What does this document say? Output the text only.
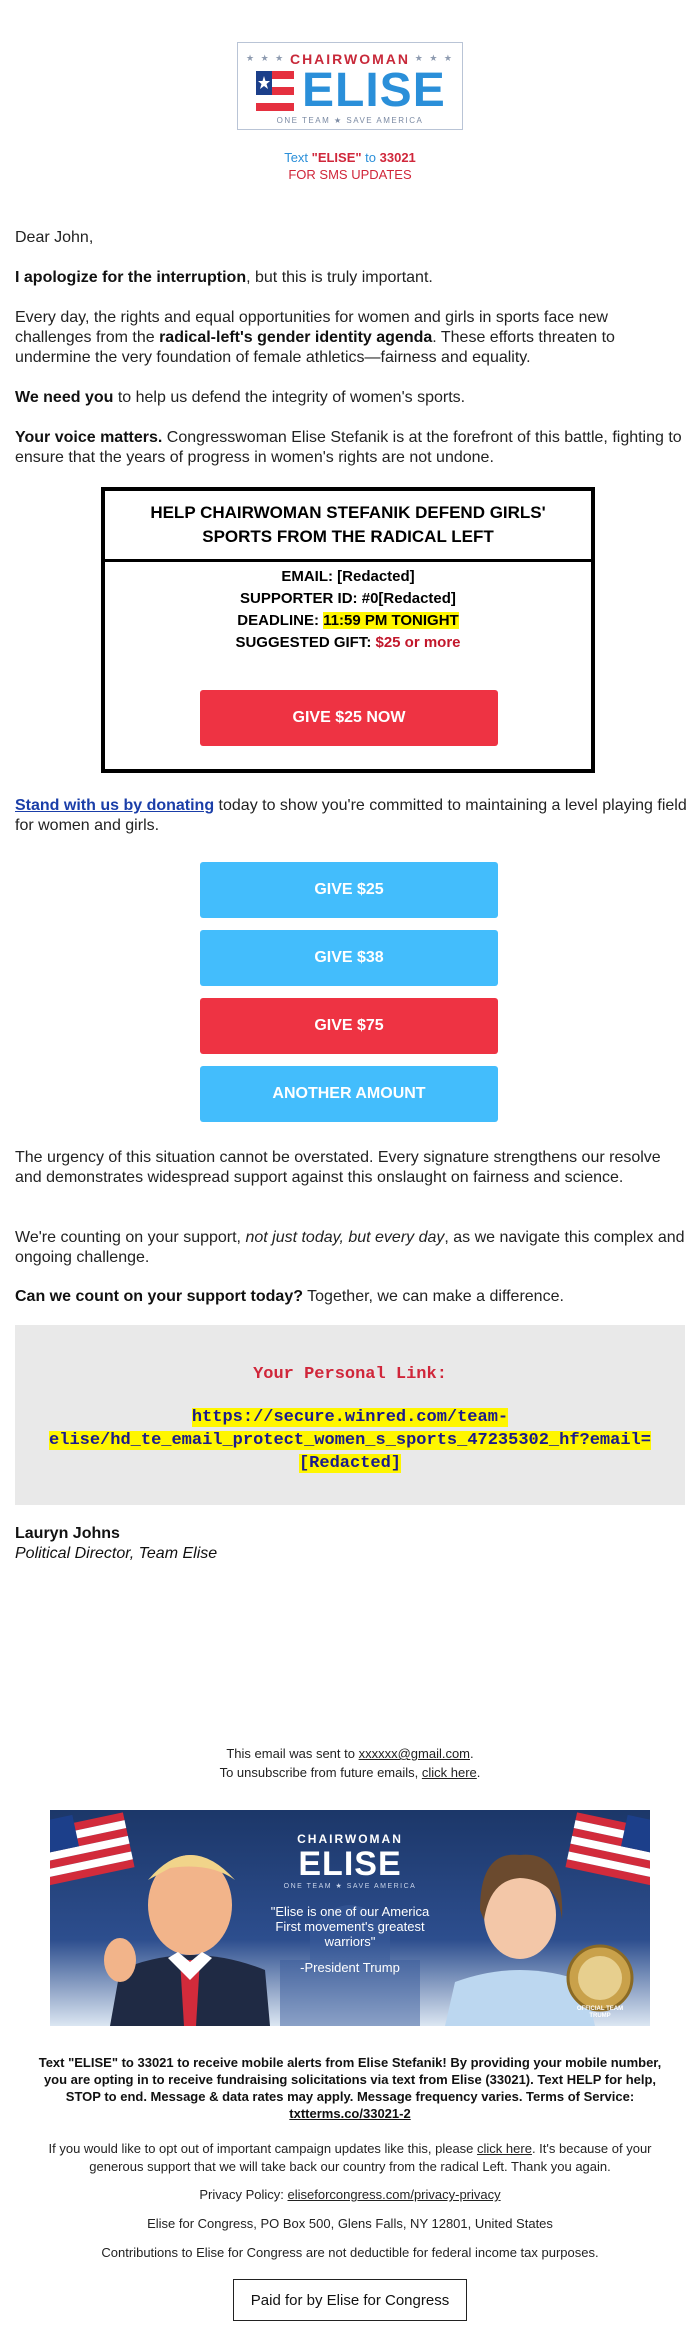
★ ★ ★	★ ★ ★
CHAIRWOMAN
ELISE
ONE TEAM ★ SAVE AMERICA
Text "ELISE" to 33021
FOR SMS UPDATES

Dear John,

I apologize for the interruption, but this is truly important.

Every day, the rights and equal opportunities for women and girls in sports face new challenges from the radical-left's gender identity agenda. These efforts threaten to undermine the very foundation of female athletics—fairness and equality.

We need you to help us defend the integrity of women's sports.

Your voice matters. Congresswoman Elise Stefanik is at the forefront of this battle, fighting to ensure that the years of progress in women's rights are not undone.

HELP CHAIRWOMAN STEFANIK DEFEND GIRLS' SPORTS FROM THE RADICAL LEFT
EMAIL: [Redacted]
SUPPORTER ID: #0[Redacted]
DEADLINE: 11:59 PM TONIGHT
SUGGESTED GIFT: $25 or more
GIVE $25 NOW

Stand with us by donating today to show you're committed to maintaining a level playing field for women and girls.

GIVE $25
GIVE $38
GIVE $75
ANOTHER AMOUNT

The urgency of this situation cannot be overstated. Every signature strengthens our resolve and demonstrates widespread support against this onslaught on fairness and science.

We're counting on your support, not just today, but every day, as we navigate this complex and ongoing challenge.

Can we count on your support today? Together, we can make a difference.

Your Personal Link:
https://secure.winred.com/team-elise/hd_te_email_protect_women_s_sports_47235302_hf?email=[Redacted]
Lauryn Johns
Political Director, Team Elise
This email was sent to xxxxxx@gmail.com.
To unsubscribe from future emails, click here.
CHAIRWOMAN
ELISE
ONE TEAM ★ SAVE AMERICA
"Elise is one of our America First movement's greatest warriors"
-President Trump
OFFICIAL TEAM TRUMP
Text "ELISE" to 33021 to receive mobile alerts from Elise Stefanik! By providing your mobile number, you are opting in to receive fundraising solicitations via text from Elise (33021). Text HELP for help, STOP to end. Message & data rates may apply. Message frequency varies. Terms of Service: txtterms.co/33021-2
If you would like to opt out of important campaign updates like this, please click here. It's because of your generous support that we will take back our country from the radical Left. Thank you again.
Privacy Policy: eliseforcongress.com/privacy-privacy
Elise for Congress, PO Box 500, Glens Falls, NY 12801, United States
Contributions to Elise for Congress are not deductible for federal income tax purposes.
Paid for by Elise for Congress
